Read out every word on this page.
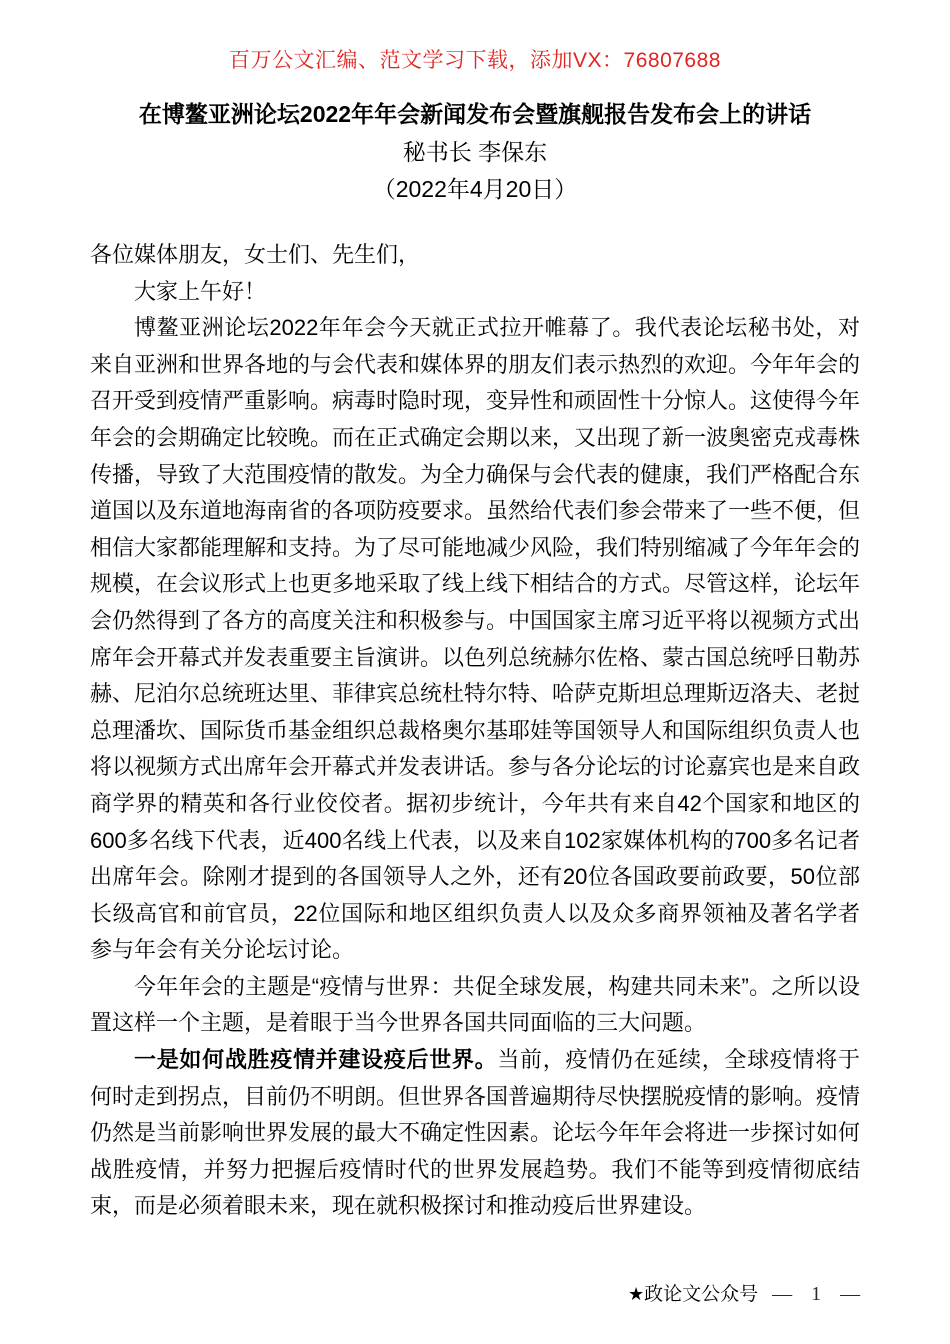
百万公文汇编、范文学习下载，添加VX：76807688
在博鳌亚洲论坛2022年年会新闻发布会暨旗舰报告发布会上的讲话
秘书长 李保东
（2022年4月20日）

各位媒体朋友，女士们、先生们，

大家上午好！

博鳌亚洲论坛2022年年会今天就正式拉开帷幕了。我代表论坛秘书处，对来自亚洲和世界各地的与会代表和媒体界的朋友们表示热烈的欢迎。今年年会的召开受到疫情严重影响。病毒时隐时现，变异性和顽固性十分惊人。这使得今年年会的会期确定比较晚。而在正式确定会期以来，又出现了新一波奥密克戎毒株传播，导致了大范围疫情的散发。为全力确保与会代表的健康，我们严格配合东道国以及东道地海南省的各项防疫要求。虽然给代表们参会带来了一些不便，但相信大家都能理解和支持。为了尽可能地减少风险，我们特别缩减了今年年会的规模，在会议形式上也更多地采取了线上线下相结合的方式。尽管这样，论坛年会仍然得到了各方的高度关注和积极参与。中国国家主席习近平将以视频方式出席年会开幕式并发表重要主旨演讲。以色列总统赫尔佐格、蒙古国总统呼日勒苏赫、尼泊尔总统班达里、菲律宾总统杜特尔特、哈萨克斯坦总理斯迈洛夫、老挝总理潘坎、国际货币基金组织总裁格奥尔基耶娃等国领导人和国际组织负责人也将以视频方式出席年会开幕式并发表讲话。参与各分论坛的讨论嘉宾也是来自政商学界的精英和各行业佼佼者。据初步统计，今年共有来自42个国家和地区的600多名线下代表，近400名线上代表，以及来自102家媒体机构的700多名记者出席年会。除刚才提到的各国领导人之外，还有20位各国政要前政要，50位部长级高官和前官员，22位国际和地区组织负责人以及众多商界领袖及著名学者参与年会有关分论坛讨论。

今年年会的主题是“疫情与世界：共促全球发展，构建共同未来”。之所以设置这样一个主题，是着眼于当今世界各国共同面临的三大问题。

一是如何战胜疫情并建设疫后世界。当前，疫情仍在延续，全球疫情将于何时走到拐点，目前仍不明朗。但世界各国普遍期待尽快摆脱疫情的影响。疫情仍然是当前影响世界发展的最大不确定性因素。论坛今年年会将进一步探讨如何战胜疫情，并努力把握后疫情时代的世界发展趋势。我们不能等到疫情彻底结束，而是必须着眼未来，现在就积极探讨和推动疫后世界建设。

★政论文公众号 — 1 —
